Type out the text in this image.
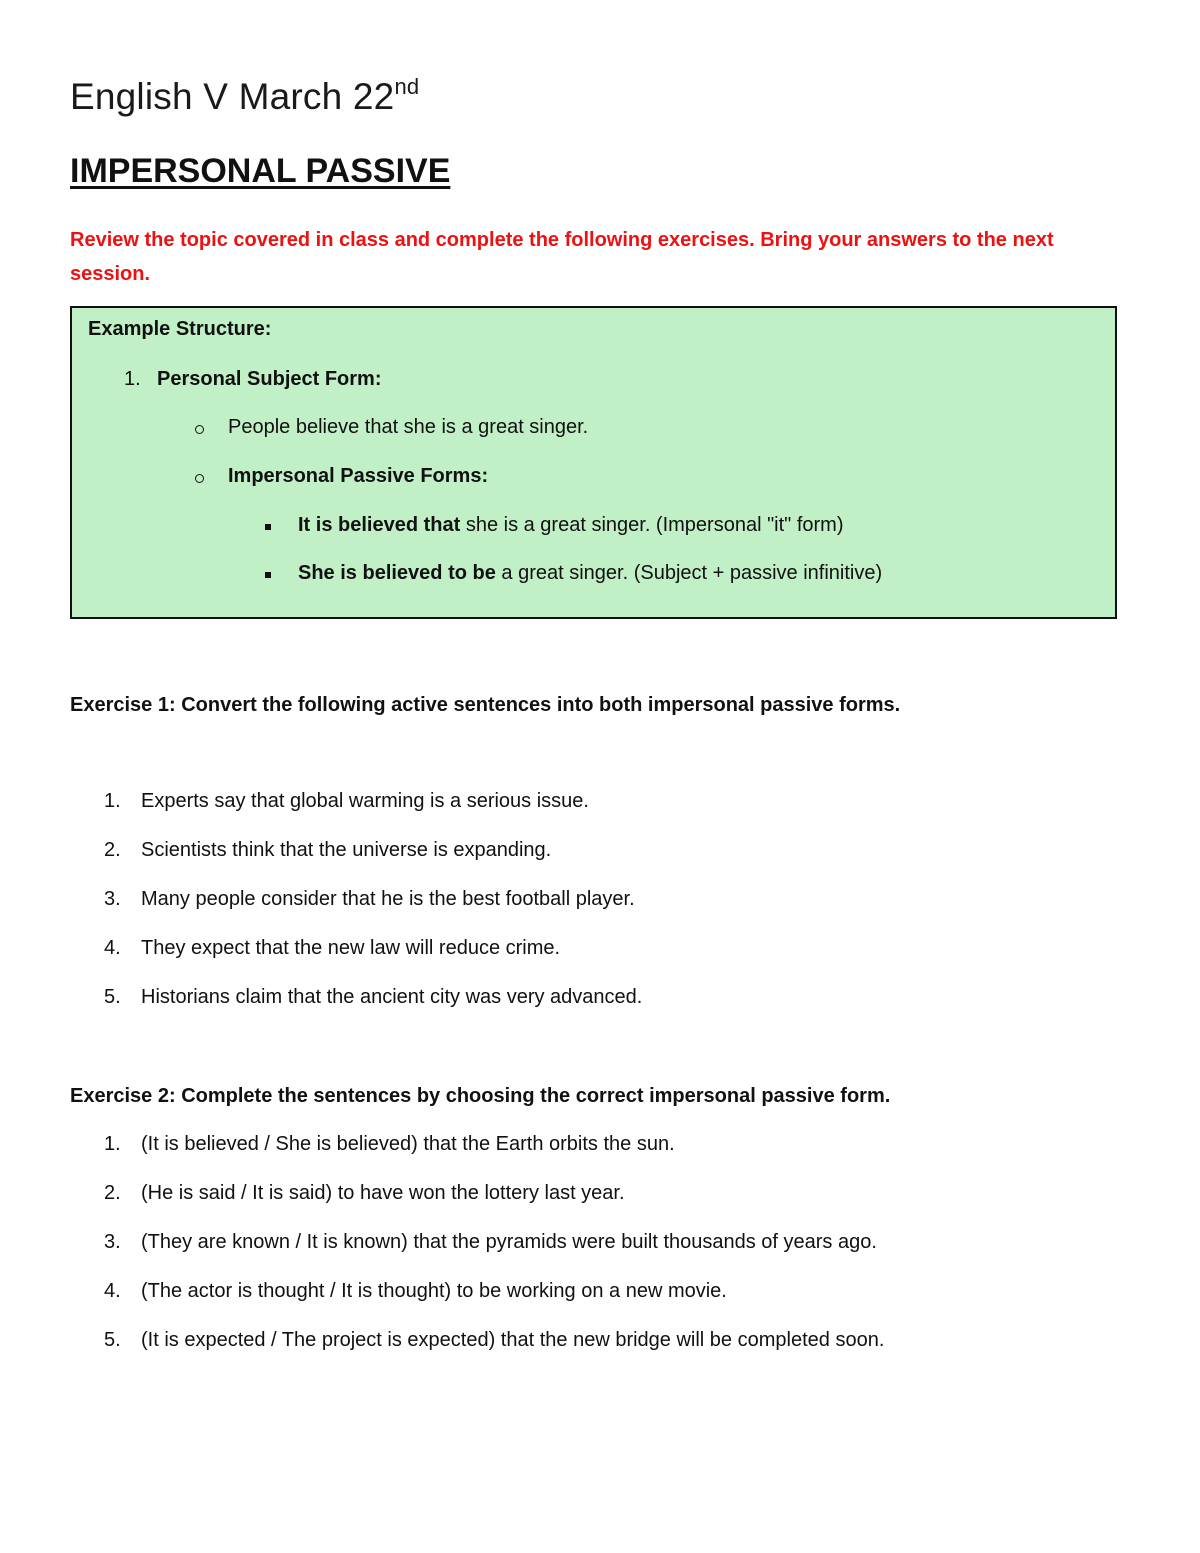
English V March 22nd
IMPERSONAL PASSIVE

Review the topic covered in class and complete the following exercises. Bring your answers to the next session.

Example Structure:
1. Personal Subject Form:
People believe that she is a great singer.
Impersonal Passive Forms:
It is believed that she is a great singer. (Impersonal "it" form)
She is believed to be a great singer. (Subject + passive infinitive)
Exercise 1: Convert the following active sentences into both impersonal passive forms.
1.	Experts say that global warming is a serious issue.
2.	Scientists think that the universe is expanding.
3.	Many people consider that he is the best football player.
4.	They expect that the new law will reduce crime.
5.	Historians claim that the ancient city was very advanced.
Exercise 2: Complete the sentences by choosing the correct impersonal passive form.
1.	(It is believed / She is believed) that the Earth orbits the sun.
2.	(He is said / It is said) to have won the lottery last year.
3.	(They are known / It is known) that the pyramids were built thousands of years ago.
4.	(The actor is thought / It is thought) to be working on a new movie.
5.	(It is expected / The project is expected) that the new bridge will be completed soon.
